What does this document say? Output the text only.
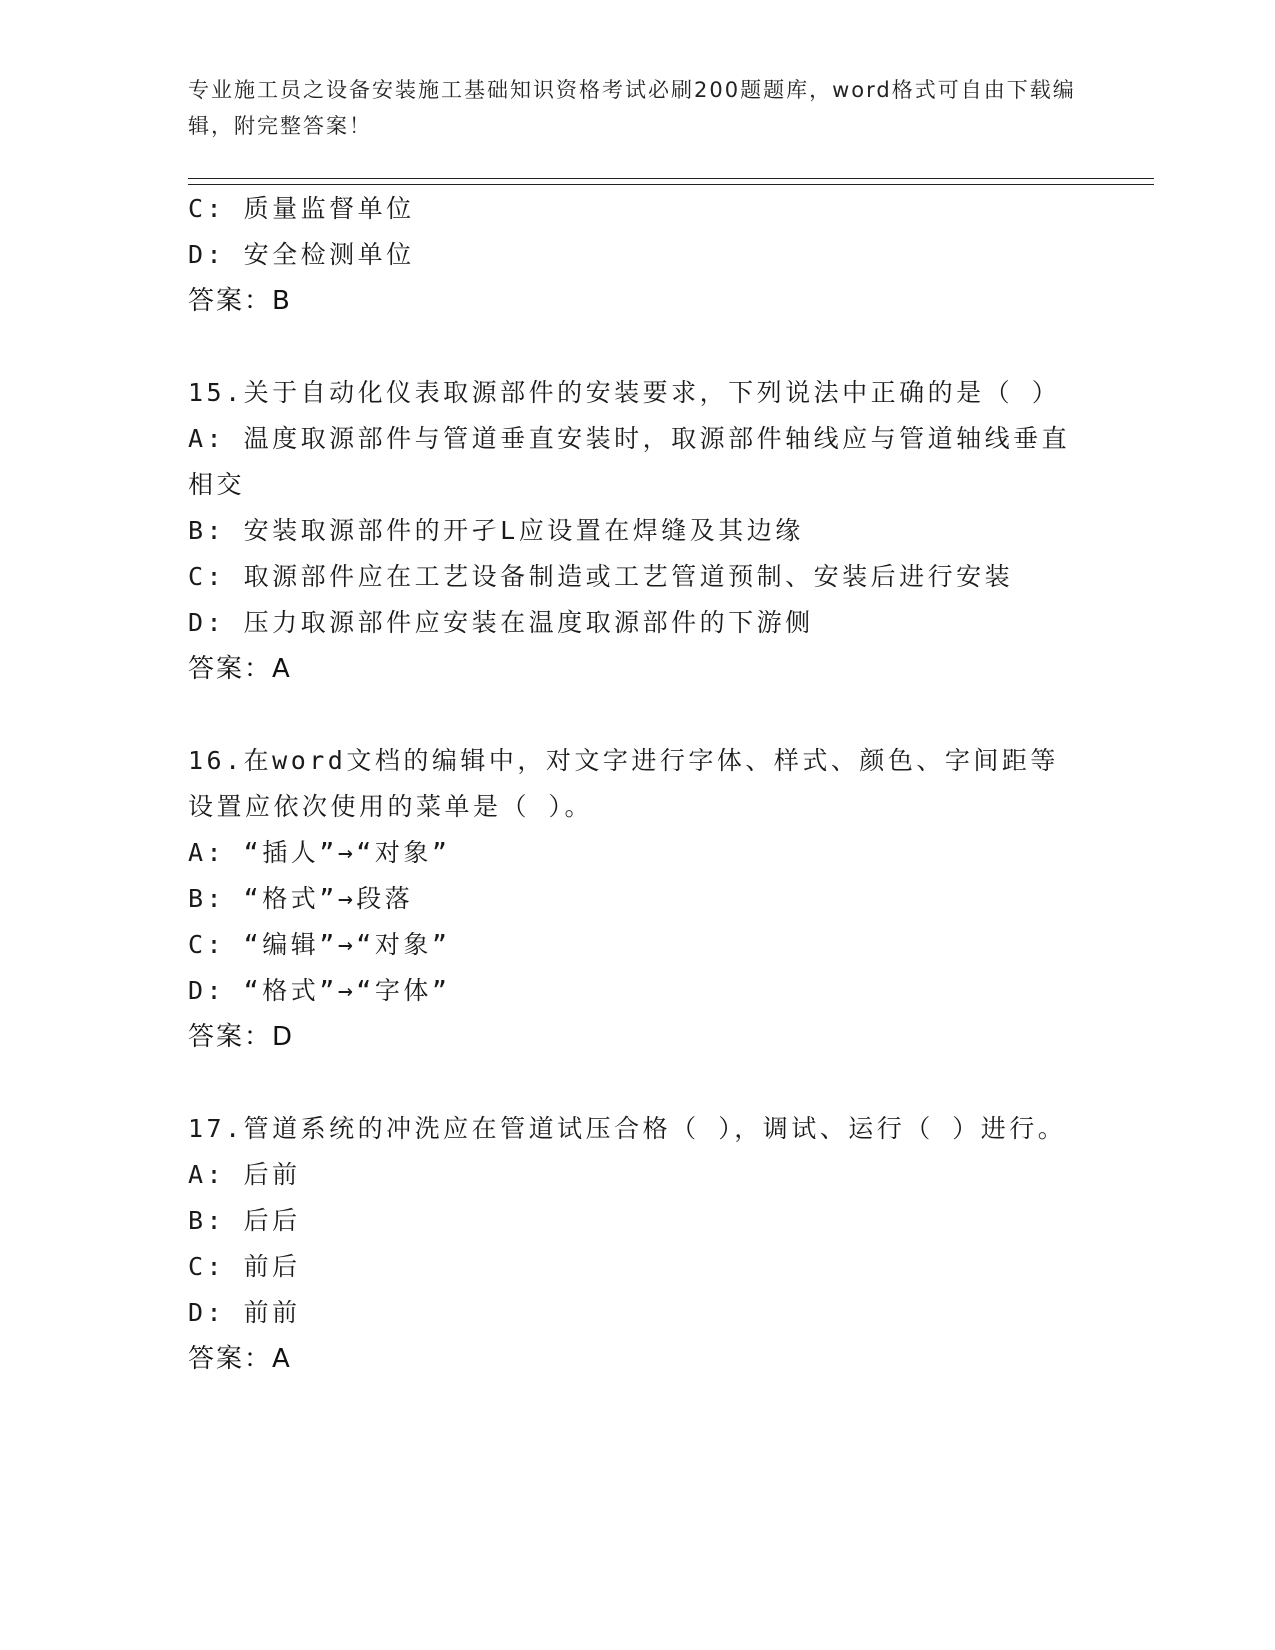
专业施工员之设备安装施工基础知识资格考试必刷200题题库，word格式可自由下载编辑，附完整答案！
C: 质量监督单位
D: 安全检测单位
答案：B
15.关于自动化仪表取源部件的安装要求，下列说法中正确的是（ ）
A: 温度取源部件与管道垂直安装时，取源部件轴线应与管道轴线垂直相交
B: 安装取源部件的开孑L应设置在焊缝及其边缘
C: 取源部件应在工艺设备制造或工艺管道预制、安装后进行安装
D: 压力取源部件应安装在温度取源部件的下游侧
答案：A
16.在word文档的编辑中，对文字进行字体、样式、颜色、字间距等设置应依次使用的菜单是（ ）。
A: “插人”→“对象”
B: “格式”→段落
C: “编辑”→“对象”
D: “格式”→“字体”
答案：D
17.管道系统的冲洗应在管道试压合格（ ），调试、运行（ ）进行。
A: 后前
B: 后后
C: 前后
D: 前前
答案：A
